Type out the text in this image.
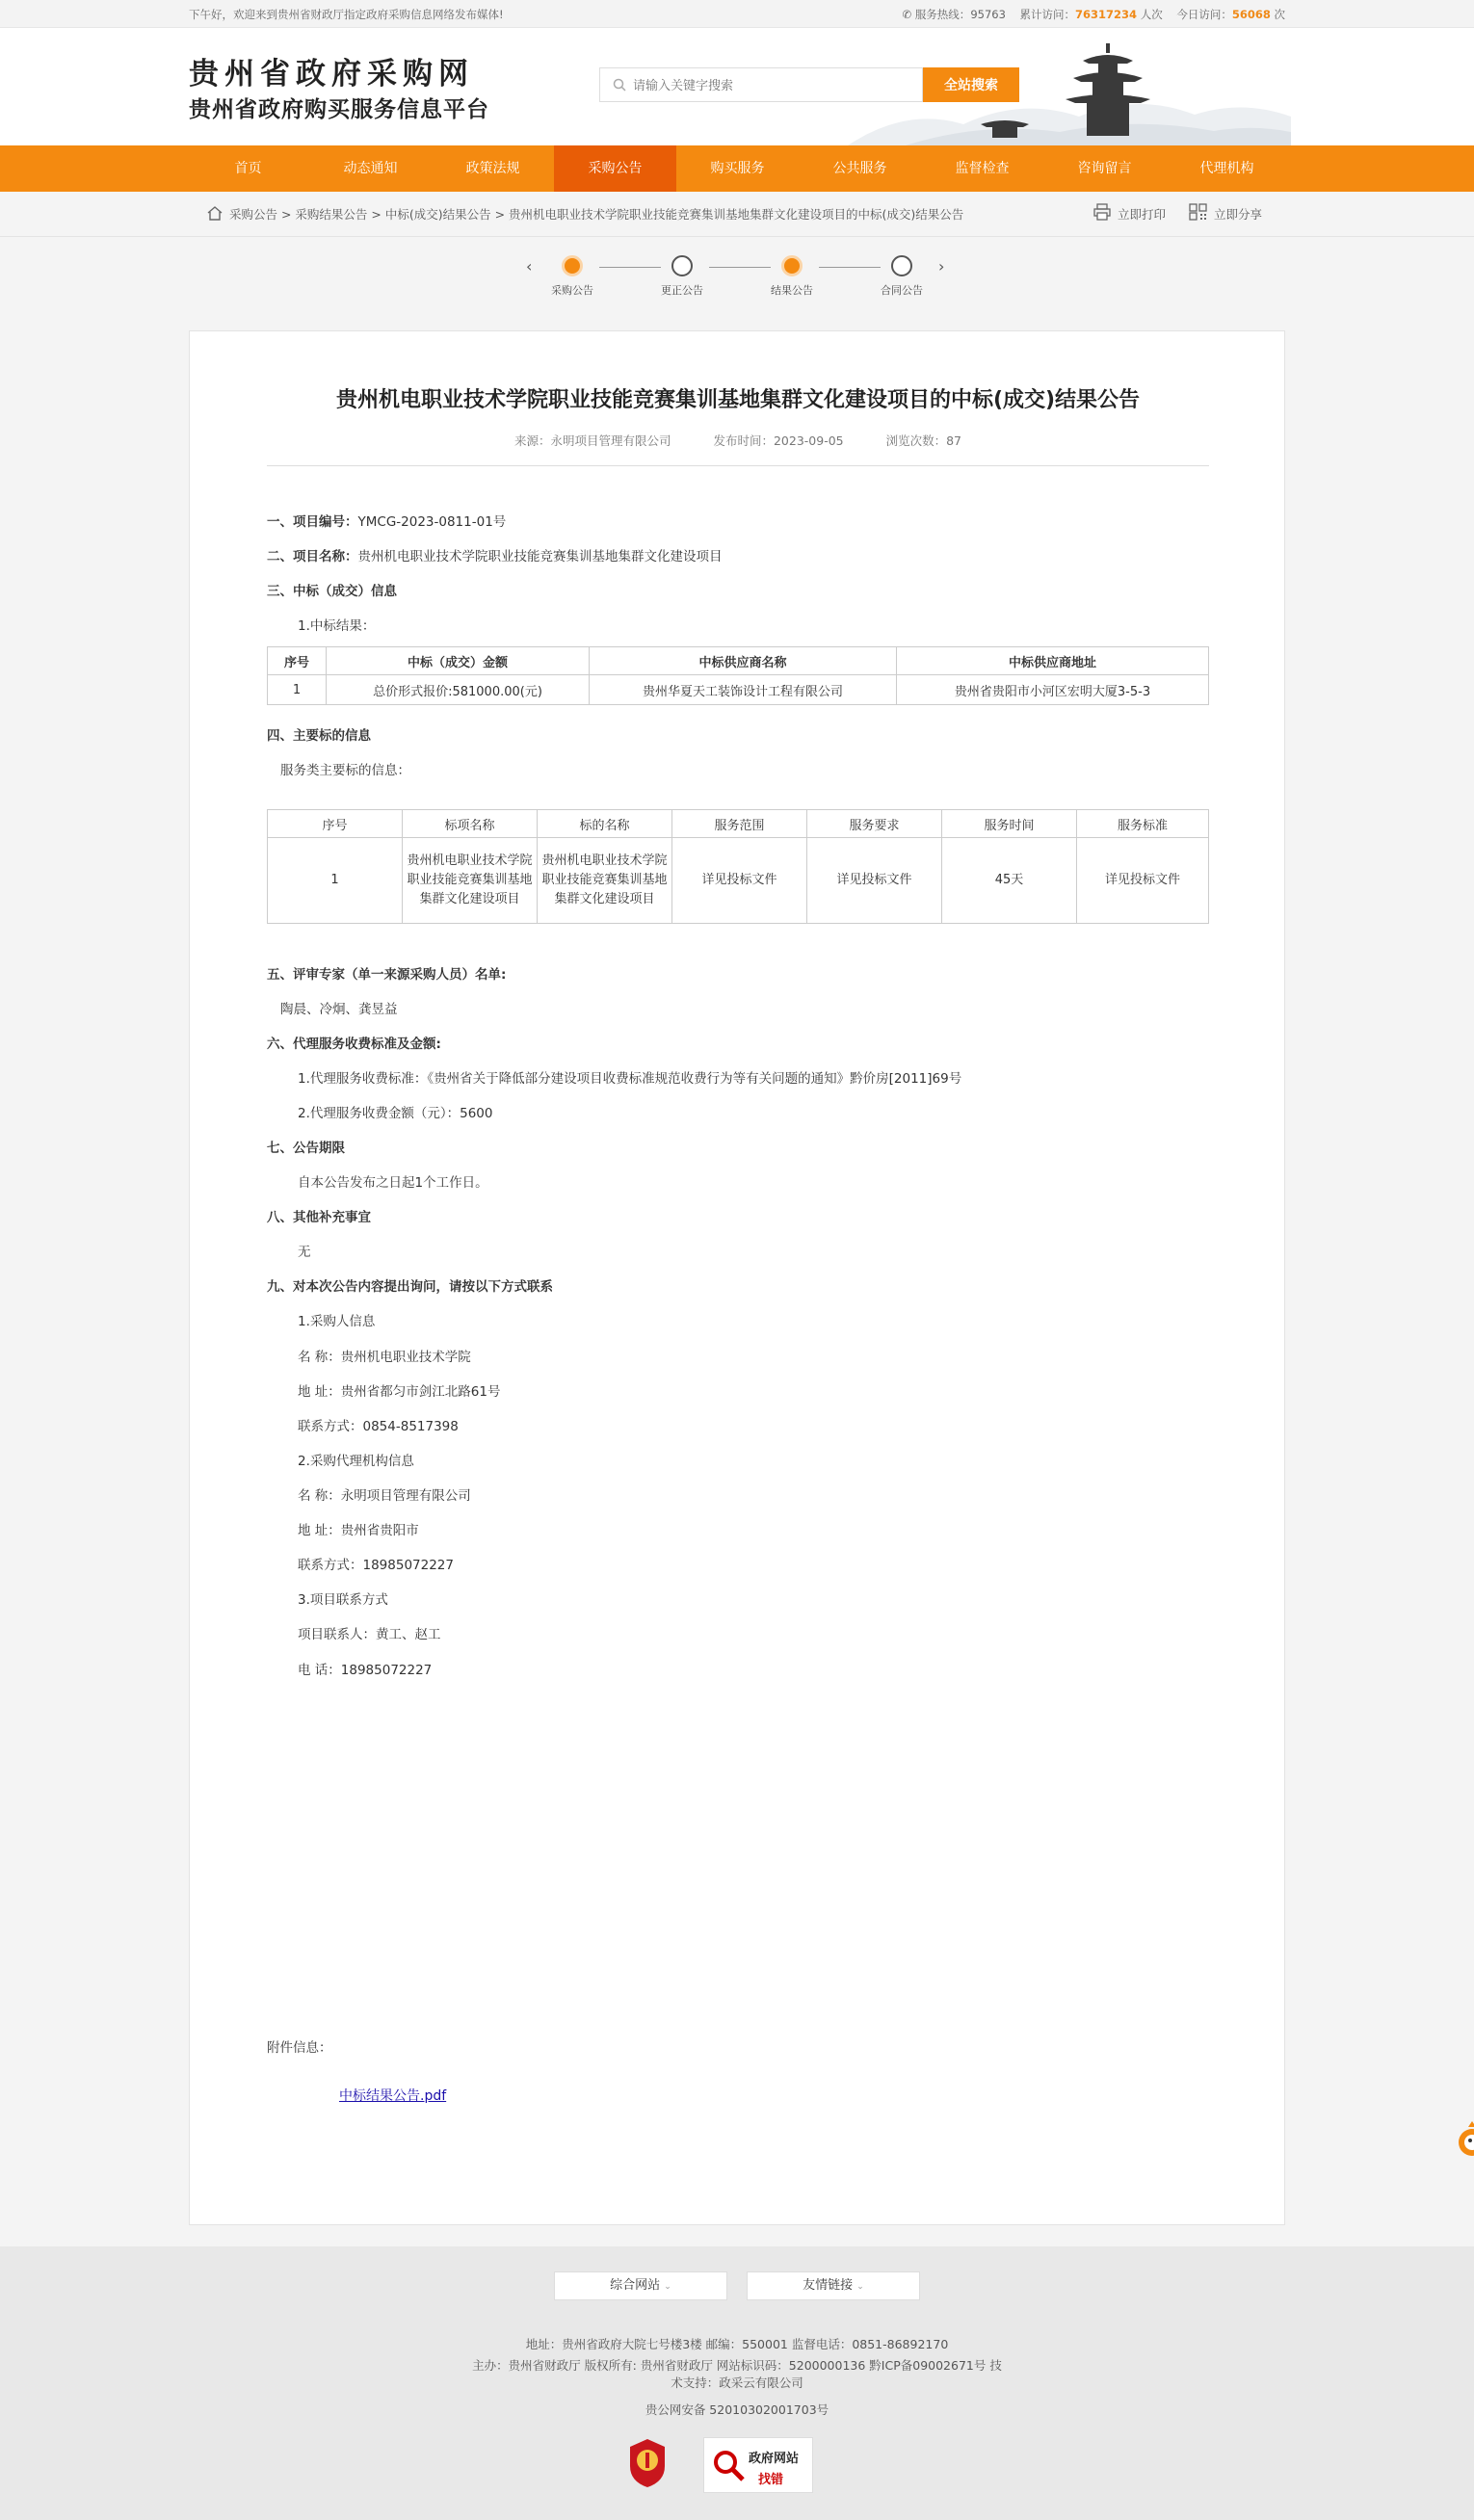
下午好，欢迎来到贵州省财政厅指定政府采购信息网络发布媒体!	✆ 服务热线：95763 累计访问：76317234 人次 今日访问：56068 次
贵州省政府采购网
贵州省政府购买服务信息平台
请输入关键字搜索
全站搜索
首页	动态通知	政策法规	采购公告	购买服务	公共服务	监督检查	咨询留言	代理机构
采购公告 > 采购结果公告 > 中标(成交)结果公告 > 贵州机电职业技术学院职业技能竞赛集训基地集群文化建设项目的中标(成交)结果公告	立即打印	立即分享
‹
采购公告	更正公告	结果公告	合同公告
›
贵州机电职业技术学院职业技能竞赛集训基地集群文化建设项目的中标(成交)结果公告
来源：永明项目管理有限公司	发布时间：2023-09-05	浏览次数：87
一、项目编号：YMCG-2023-0811-01号
二、项目名称：贵州机电职业技术学院职业技能竞赛集训基地集群文化建设项目
三、中标（成交）信息
1.中标结果：
序号	中标（成交）金额	中标供应商名称	中标供应商地址
1	总价形式报价:581000.00(元)	贵州华夏天工装饰设计工程有限公司	贵州省贵阳市小河区宏明大厦3-5-3
四、主要标的信息
服务类主要标的信息：
序号	标项名称	标的名称	服务范围	服务要求	服务时间	服务标准
1	贵州机电职业技术学院职业技能竞赛集训基地集群文化建设项目	贵州机电职业技术学院职业技能竞赛集训基地集群文化建设项目	详见投标文件	详见投标文件	45天	详见投标文件
五、评审专家（单一来源采购人员）名单:
陶晨、冷炯、龚昱益
六、代理服务收费标准及金额:
1.代理服务收费标准：《贵州省关于降低部分建设项目收费标准规范收费行为等有关问题的通知》黔价房[2011]69号
2.代理服务收费金额（元）：5600
七、公告期限
自本公告发布之日起1个工作日。
八、其他补充事宜
无
九、对本次公告内容提出询问，请按以下方式联系
1.采购人信息
名 称：贵州机电职业技术学院
地 址：贵州省都匀市剑江北路61号
联系方式：0854-8517398
2.采购代理机构信息
名 称：永明项目管理有限公司
地 址：贵州省贵阳市
联系方式：18985072227
3.项目联系方式
项目联系人：黄工、赵工
电 话：18985072227
附件信息：
中标结果公告.pdf
综合网站 ⌄	友情链接 ⌄
地址：贵州省政府大院七号楼3楼 邮编：550001 监督电话：0851-86892170
主办：贵州省财政厅 版权所有: 贵州省财政厅 网站标识码：5200000136 黔ICP备09002671号 技
术支持：政采云有限公司
贵公网安备 52010302001703号
政府网站
找错
